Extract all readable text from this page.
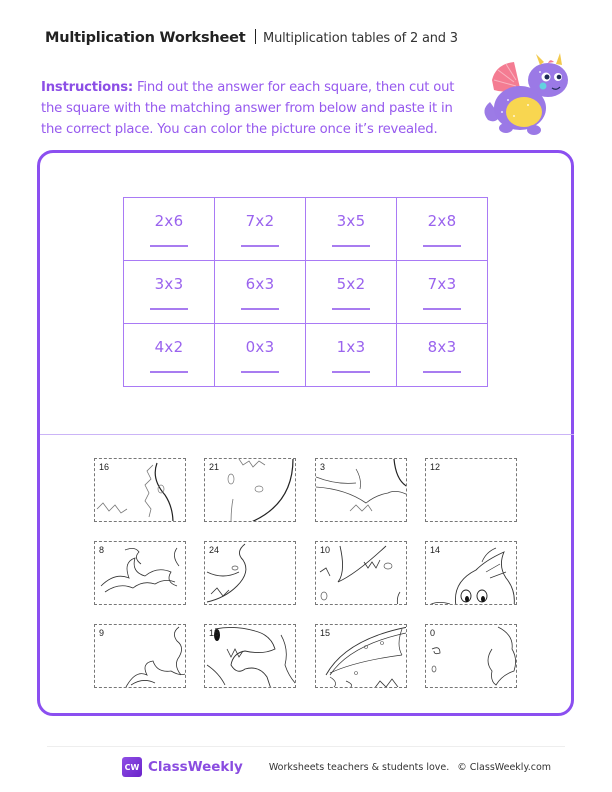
Multiplication Worksheet Multiplication tables of 2 and 3
Instructions: Find out the answer for each square, then cut out the square with the matching answer from below and paste it in the correct place. You can color the picture once it’s revealed.
2x6	7x2	3x5	2x8

3x3	6x3	5x2	7x3

4x2	0x3	1x3	8x3
16	21	3	12
8	24	10	14
9	18	15	0
CW ClassWeekly	Worksheets teachers & students love. © ClassWeekly.com
